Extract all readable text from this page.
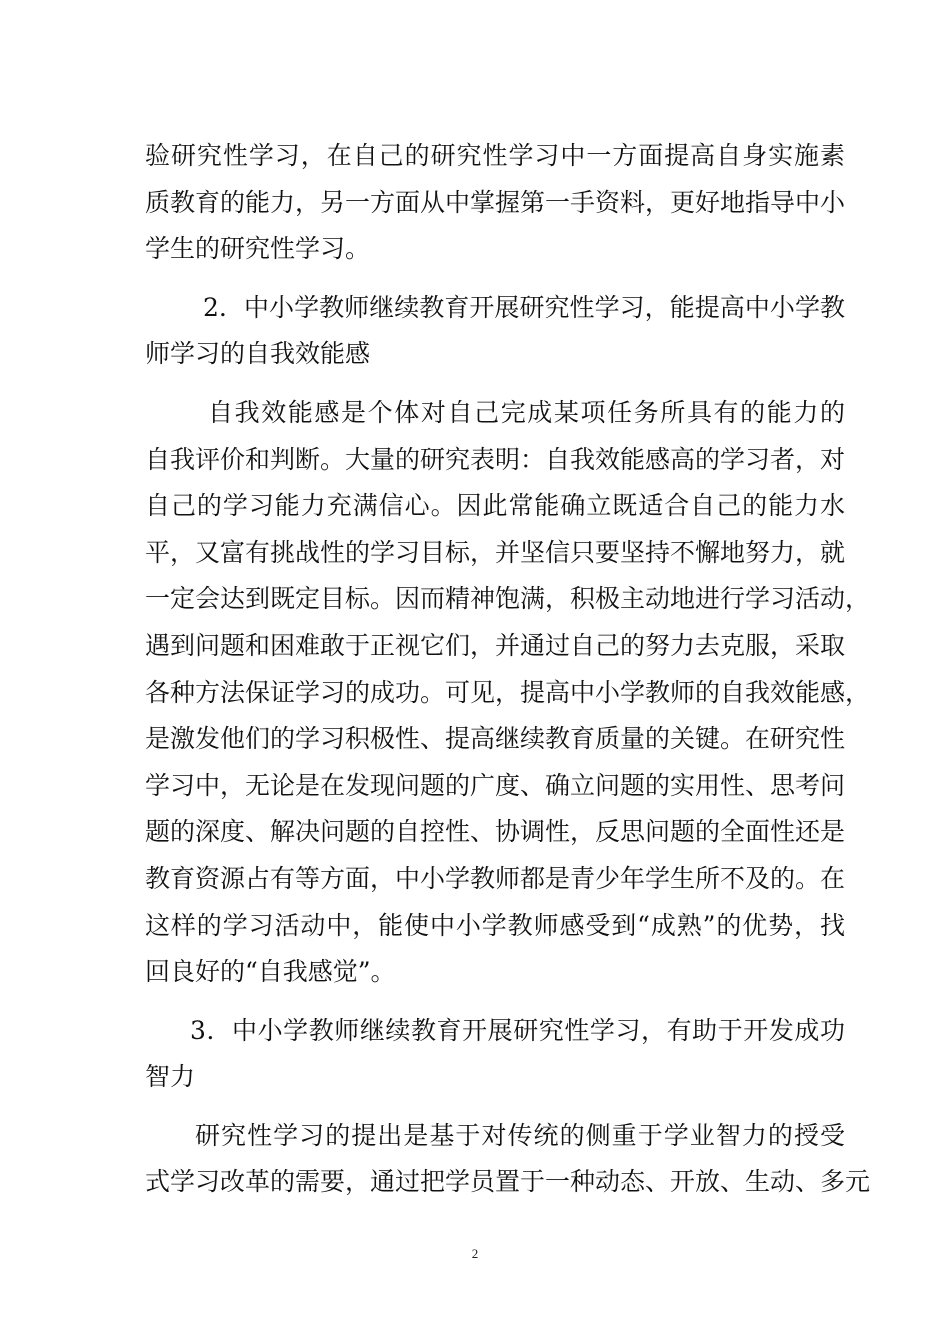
验研究性学习，在自己的研究性学习中一方面提高自身实施素
质教育的能力，另一方面从中掌握第一手资料，更好地指导中小
学生的研究性学习。
2．中小学教师继续教育开展研究性学习，能提高中小学教
师学习的自我效能感
自我效能感是个体对自己完成某项任务所具有的能力的
自我评价和判断。大量的研究表明：自我效能感高的学习者，对
自己的学习能力充满信心。因此常能确立既适合自己的能力水
平，又富有挑战性的学习目标，并坚信只要坚持不懈地努力，就
一定会达到既定目标。因而精神饱满，积极主动地进行学习活动，
遇到问题和困难敢于正视它们，并通过自己的努力去克服，采取
各种方法保证学习的成功。可见，提高中小学教师的自我效能感，
是激发他们的学习积极性、提高继续教育质量的关键。在研究性
学习中，无论是在发现问题的广度、确立问题的实用性、思考问
题的深度、解决问题的自控性、协调性，反思问题的全面性还是
教育资源占有等方面，中小学教师都是青少年学生所不及的。在
这样的学习活动中，能使中小学教师感受到“成熟”的优势，找
回良好的“自我感觉”。
3．中小学教师继续教育开展研究性学习，有助于开发成功
智力
研究性学习的提出是基于对传统的侧重于学业智力的授受
式学习改革的需要，通过把学员置于一种动态、开放、生动、多元
2
